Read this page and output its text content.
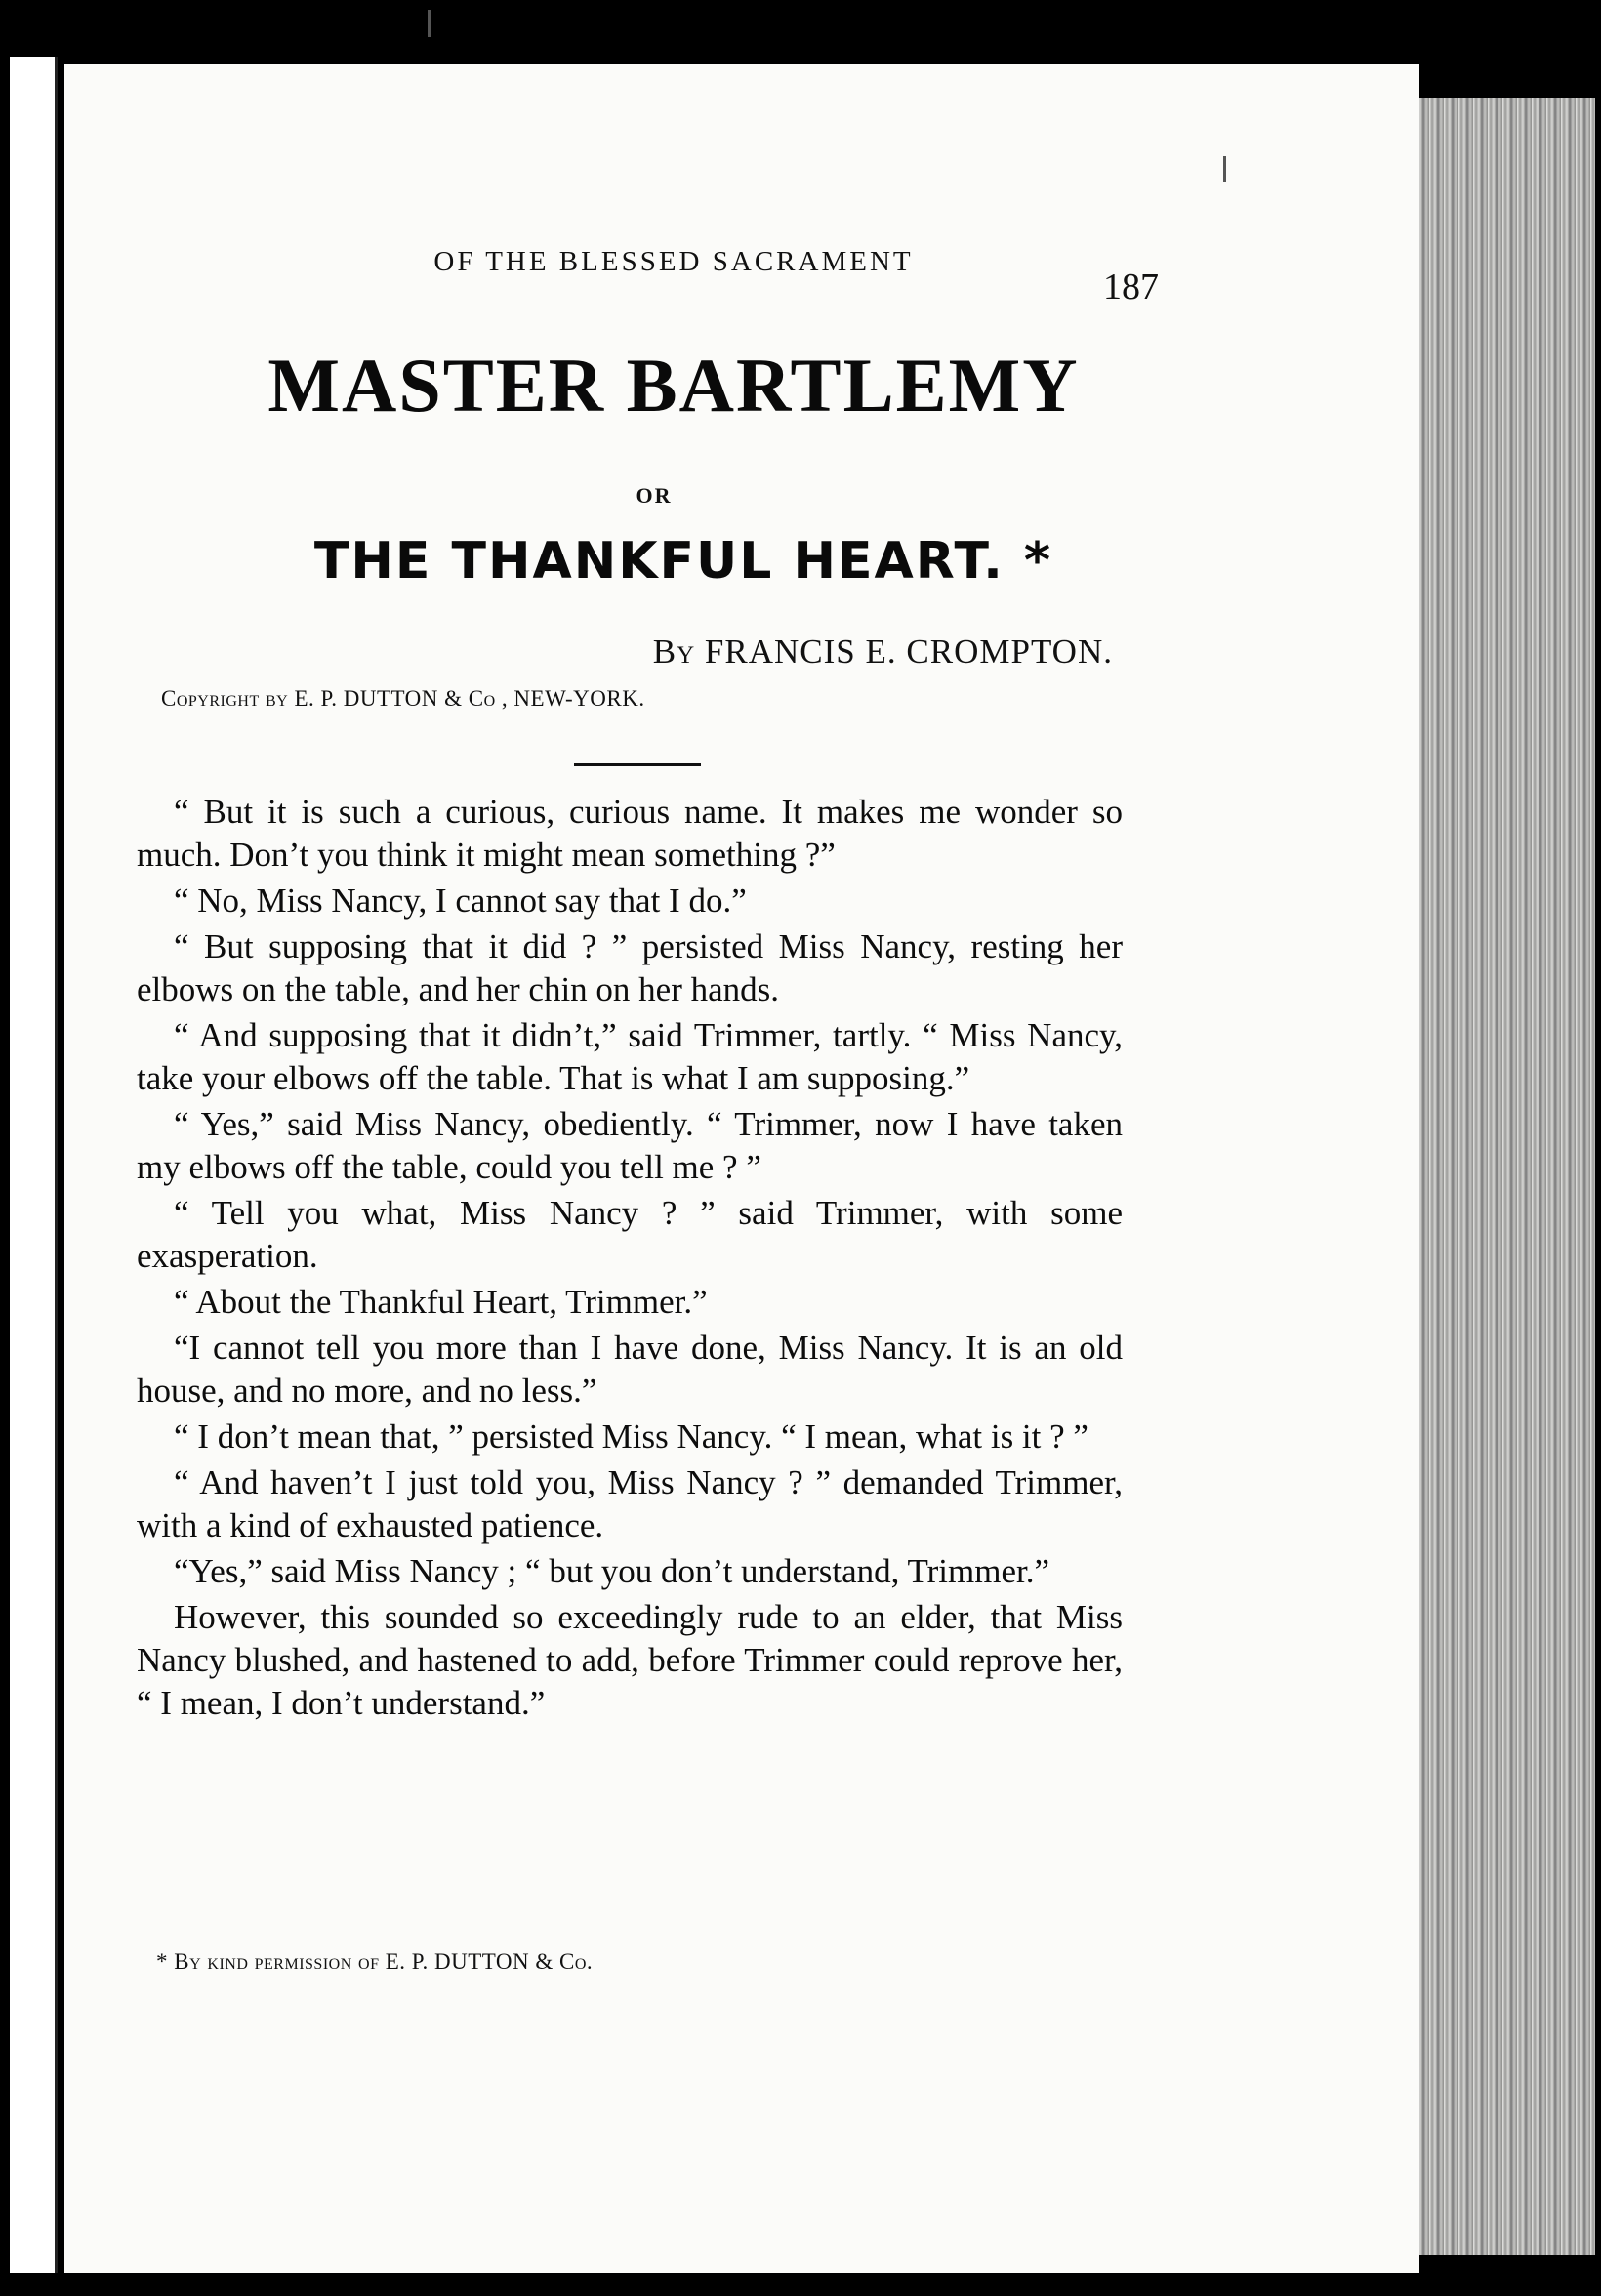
OF THE BLESSED SACRAMENT
187
MASTER BARTLEMY
OR
THE THANKFUL HEART. *
By FRANCIS E. CROMPTON.
Copyright by E. P. DUTTON & Co , NEW-YORK.

“ But it is such a curious, curious name. It makes me wonder so much. Don’t you think it might mean something ?”

“ No, Miss Nancy, I cannot say that I do.”

“ But supposing that it did ? ” persisted Miss Nancy, resting her elbows on the table, and her chin on her hands.

“ And supposing that it didn’t,” said Trimmer, tartly. “ Miss Nancy, take your elbows off the table. That is what I am supposing.”

“ Yes,” said Miss Nancy, obediently. “ Trimmer, now I have taken my elbows off the table, could you tell me ? ”

“ Tell you what, Miss Nancy ? ” said Trimmer, with some exasperation.

“ About the Thankful Heart, Trimmer.”

“I cannot tell you more than I have done, Miss Nancy. It is an old house, and no more, and no less.”

“ I don’t mean that, ” persisted Miss Nancy. “ I mean, what is it ? ”

“ And haven’t I just told you, Miss Nancy ? ” demanded Trimmer, with a kind of exhausted patience.

“Yes,” said Miss Nancy ; “ but you don’t understand, Trimmer.”

However, this sounded so exceedingly rude to an elder, that Miss Nancy blushed, and hastened to add, before Trimmer could reprove her, “ I mean, I don’t understand.”

* By kind permission of E. P. DUTTON & Co.
